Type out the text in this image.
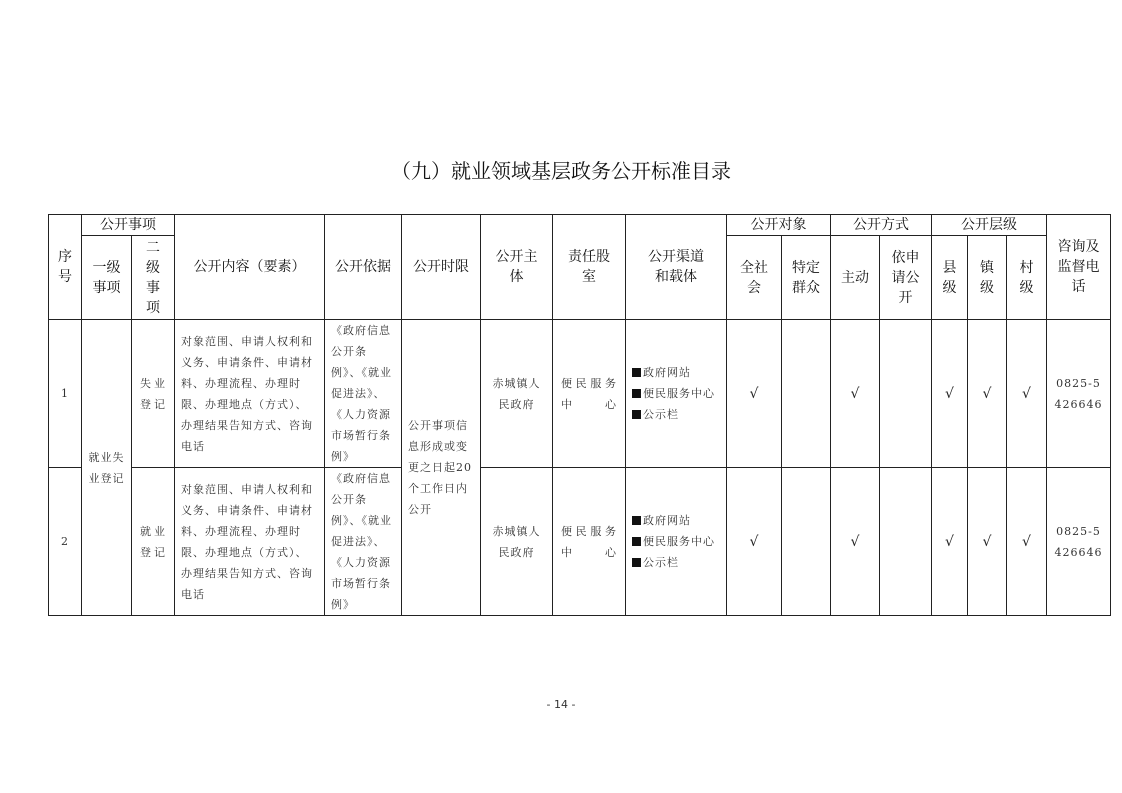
（九）就业领域基层政务公开标准目录
序号	公开事项		公开内容（要素）	公开依据	公开时限	公开主体	责任股室	公开渠道和载体	公开对象		公开方式		公开层级			咨询及监督电话
	一级事项	二级事项							全社会	特定群众	主动	依申请公开	县级	镇级	村级	
1	就业失业登记	失业登记	对象范围、申请人权利和义务、申请条件、申请材料、办理流程、办理时限、办理地点（方式）、办理结果告知方式、咨询电话	《政府信息公开条例》、《就业促进法》、《人力资源市场暂行条例》	公开事项信息形成或变更之日起20个工作日内公开	赤城镇人民政府	便民服务中心	政府网站
便民服务中心
公示栏	√		√		√	√	√	0825-5426646
2		就业登记	对象范围、申请人权利和义务、申请条件、申请材料、办理流程、办理时限、办理地点（方式）、办理结果告知方式、咨询电话	《政府信息公开条例》、《就业促进法》、《人力资源市场暂行条例》		赤城镇人民政府	便民服务中心	政府网站
便民服务中心
公示栏	√		√		√	√	√	0825-5426646
- 14 -
